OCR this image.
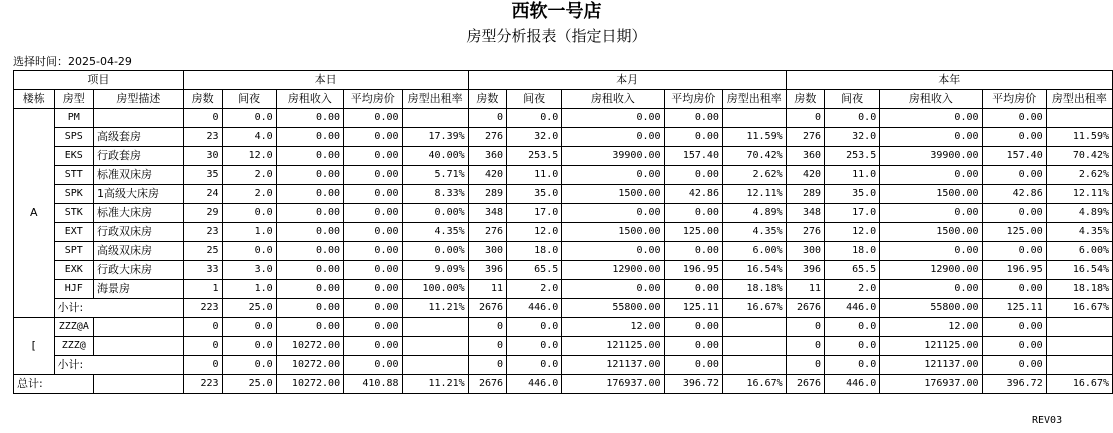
西软一号店
房型分析报表（指定日期）
选择时间：2025-04-29
项目			本日					本月					本年				
楼栋	房型	房型描述	房数	间夜	房租收入	平均房价	房型出租率	房数	间夜	房租收入	平均房价	房型出租率	房数	间夜	房租收入	平均房价	房型出租率
A	PM		0	0.0	0.00	0.00		0	0.0	0.00	0.00		0	0.0	0.00	0.00	
	SPS	高级套房	23	4.0	0.00	0.00	17.39%	276	32.0	0.00	0.00	11.59%	276	32.0	0.00	0.00	11.59%
	EKS	行政套房	30	12.0	0.00	0.00	40.00%	360	253.5	39900.00	157.40	70.42%	360	253.5	39900.00	157.40	70.42%
	STT	标准双床房	35	2.0	0.00	0.00	5.71%	420	11.0	0.00	0.00	2.62%	420	11.0	0.00	0.00	2.62%
	SPK	1高级大床房	24	2.0	0.00	0.00	8.33%	289	35.0	1500.00	42.86	12.11%	289	35.0	1500.00	42.86	12.11%
	STK	标准大床房	29	0.0	0.00	0.00	0.00%	348	17.0	0.00	0.00	4.89%	348	17.0	0.00	0.00	4.89%
	EXT	行政双床房	23	1.0	0.00	0.00	4.35%	276	12.0	1500.00	125.00	4.35%	276	12.0	1500.00	125.00	4.35%
	SPT	高级双床房	25	0.0	0.00	0.00	0.00%	300	18.0	0.00	0.00	6.00%	300	18.0	0.00	0.00	6.00%
	EXK	行政大床房	33	3.0	0.00	0.00	9.09%	396	65.5	12900.00	196.95	16.54%	396	65.5	12900.00	196.95	16.54%
	HJF	海景房	1	1.0	0.00	0.00	100.00%	11	2.0	0.00	0.00	18.18%	11	2.0	0.00	0.00	18.18%
	小计:		223	25.0	0.00	0.00	11.21%	2676	446.0	55800.00	125.11	16.67%	2676	446.0	55800.00	125.11	16.67%
[	ZZZ@A		0	0.0	0.00	0.00		0	0.0	12.00	0.00		0	0.0	12.00	0.00	
	ZZZ@		0	0.0	10272.00	0.00		0	0.0	121125.00	0.00		0	0.0	121125.00	0.00	
	小计:		0	0.0	10272.00	0.00		0	0.0	121137.00	0.00		0	0.0	121137.00	0.00	
总计:			223	25.0	10272.00	410.88	11.21%	2676	446.0	176937.00	396.72	16.67%	2676	446.0	176937.00	396.72	16.67%
REV03
